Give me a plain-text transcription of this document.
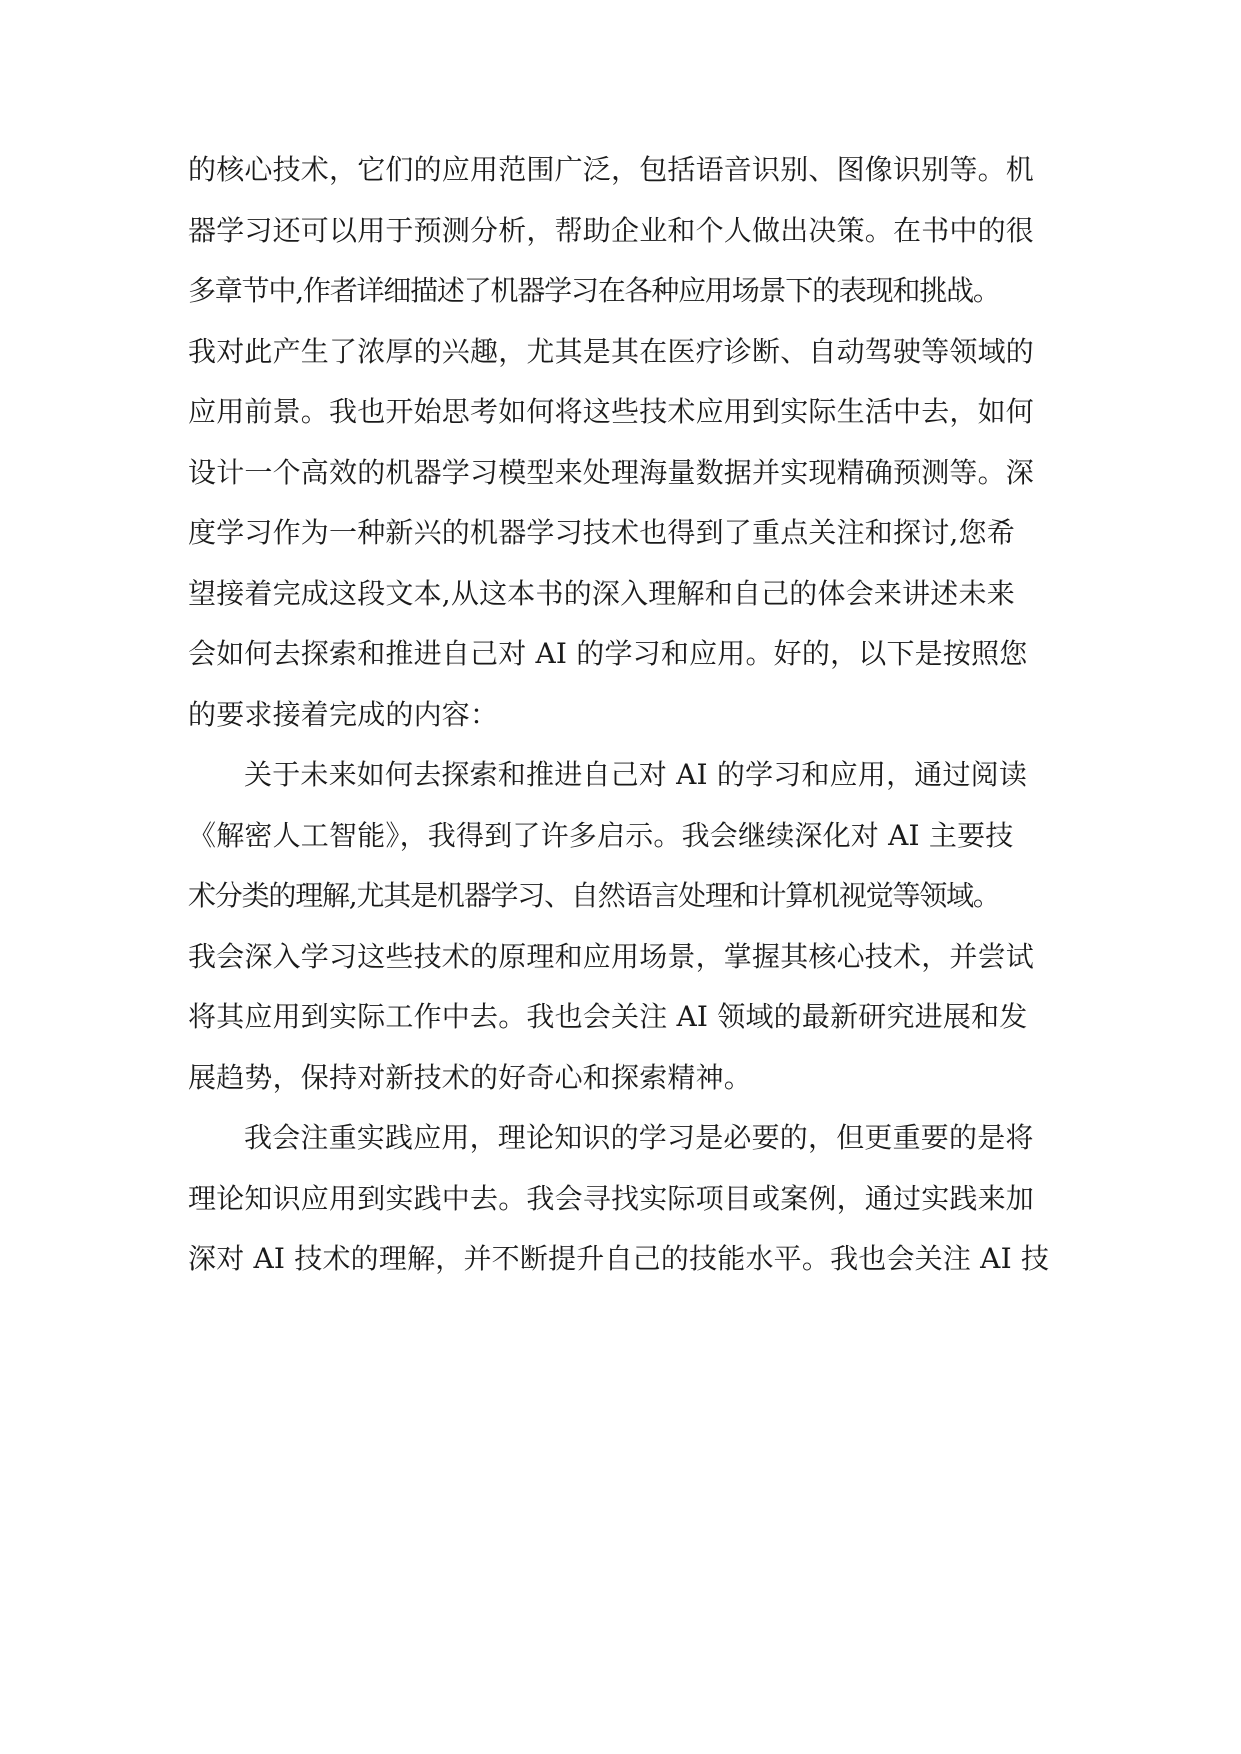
的核心技术，它们的应用范围广泛，包括语音识别、图像识别等。机
器学习还可以用于预测分析，帮助企业和个人做出决策。在书中的很
多章节中,作者详细描述了机器学习在各种应用场景下的表现和挑战。
我对此产生了浓厚的兴趣，尤其是其在医疗诊断、自动驾驶等领域的
应用前景。我也开始思考如何将这些技术应用到实际生活中去，如何
设计一个高效的机器学习模型来处理海量数据并实现精确预测等。深
度学习作为一种新兴的机器学习技术也得到了重点关注和探讨,您希
望接着完成这段文本,从这本书的深入理解和自己的体会来讲述未来
会如何去探索和推进自己对 AI 的学习和应用。好的，以下是按照您
的要求接着完成的内容：
关于未来如何去探索和推进自己对 AI 的学习和应用，通过阅读
《解密人工智能》，我得到了许多启示。我会继续深化对 AI 主要技
术分类的理解,尤其是机器学习、自然语言处理和计算机视觉等领域。
我会深入学习这些技术的原理和应用场景，掌握其核心技术，并尝试
将其应用到实际工作中去。我也会关注 AI 领域的最新研究进展和发
展趋势，保持对新技术的好奇心和探索精神。
我会注重实践应用，理论知识的学习是必要的，但更重要的是将
理论知识应用到实践中去。我会寻找实际项目或案例，通过实践来加
深对 AI 技术的理解，并不断提升自己的技能水平。我也会关注 AI 技
